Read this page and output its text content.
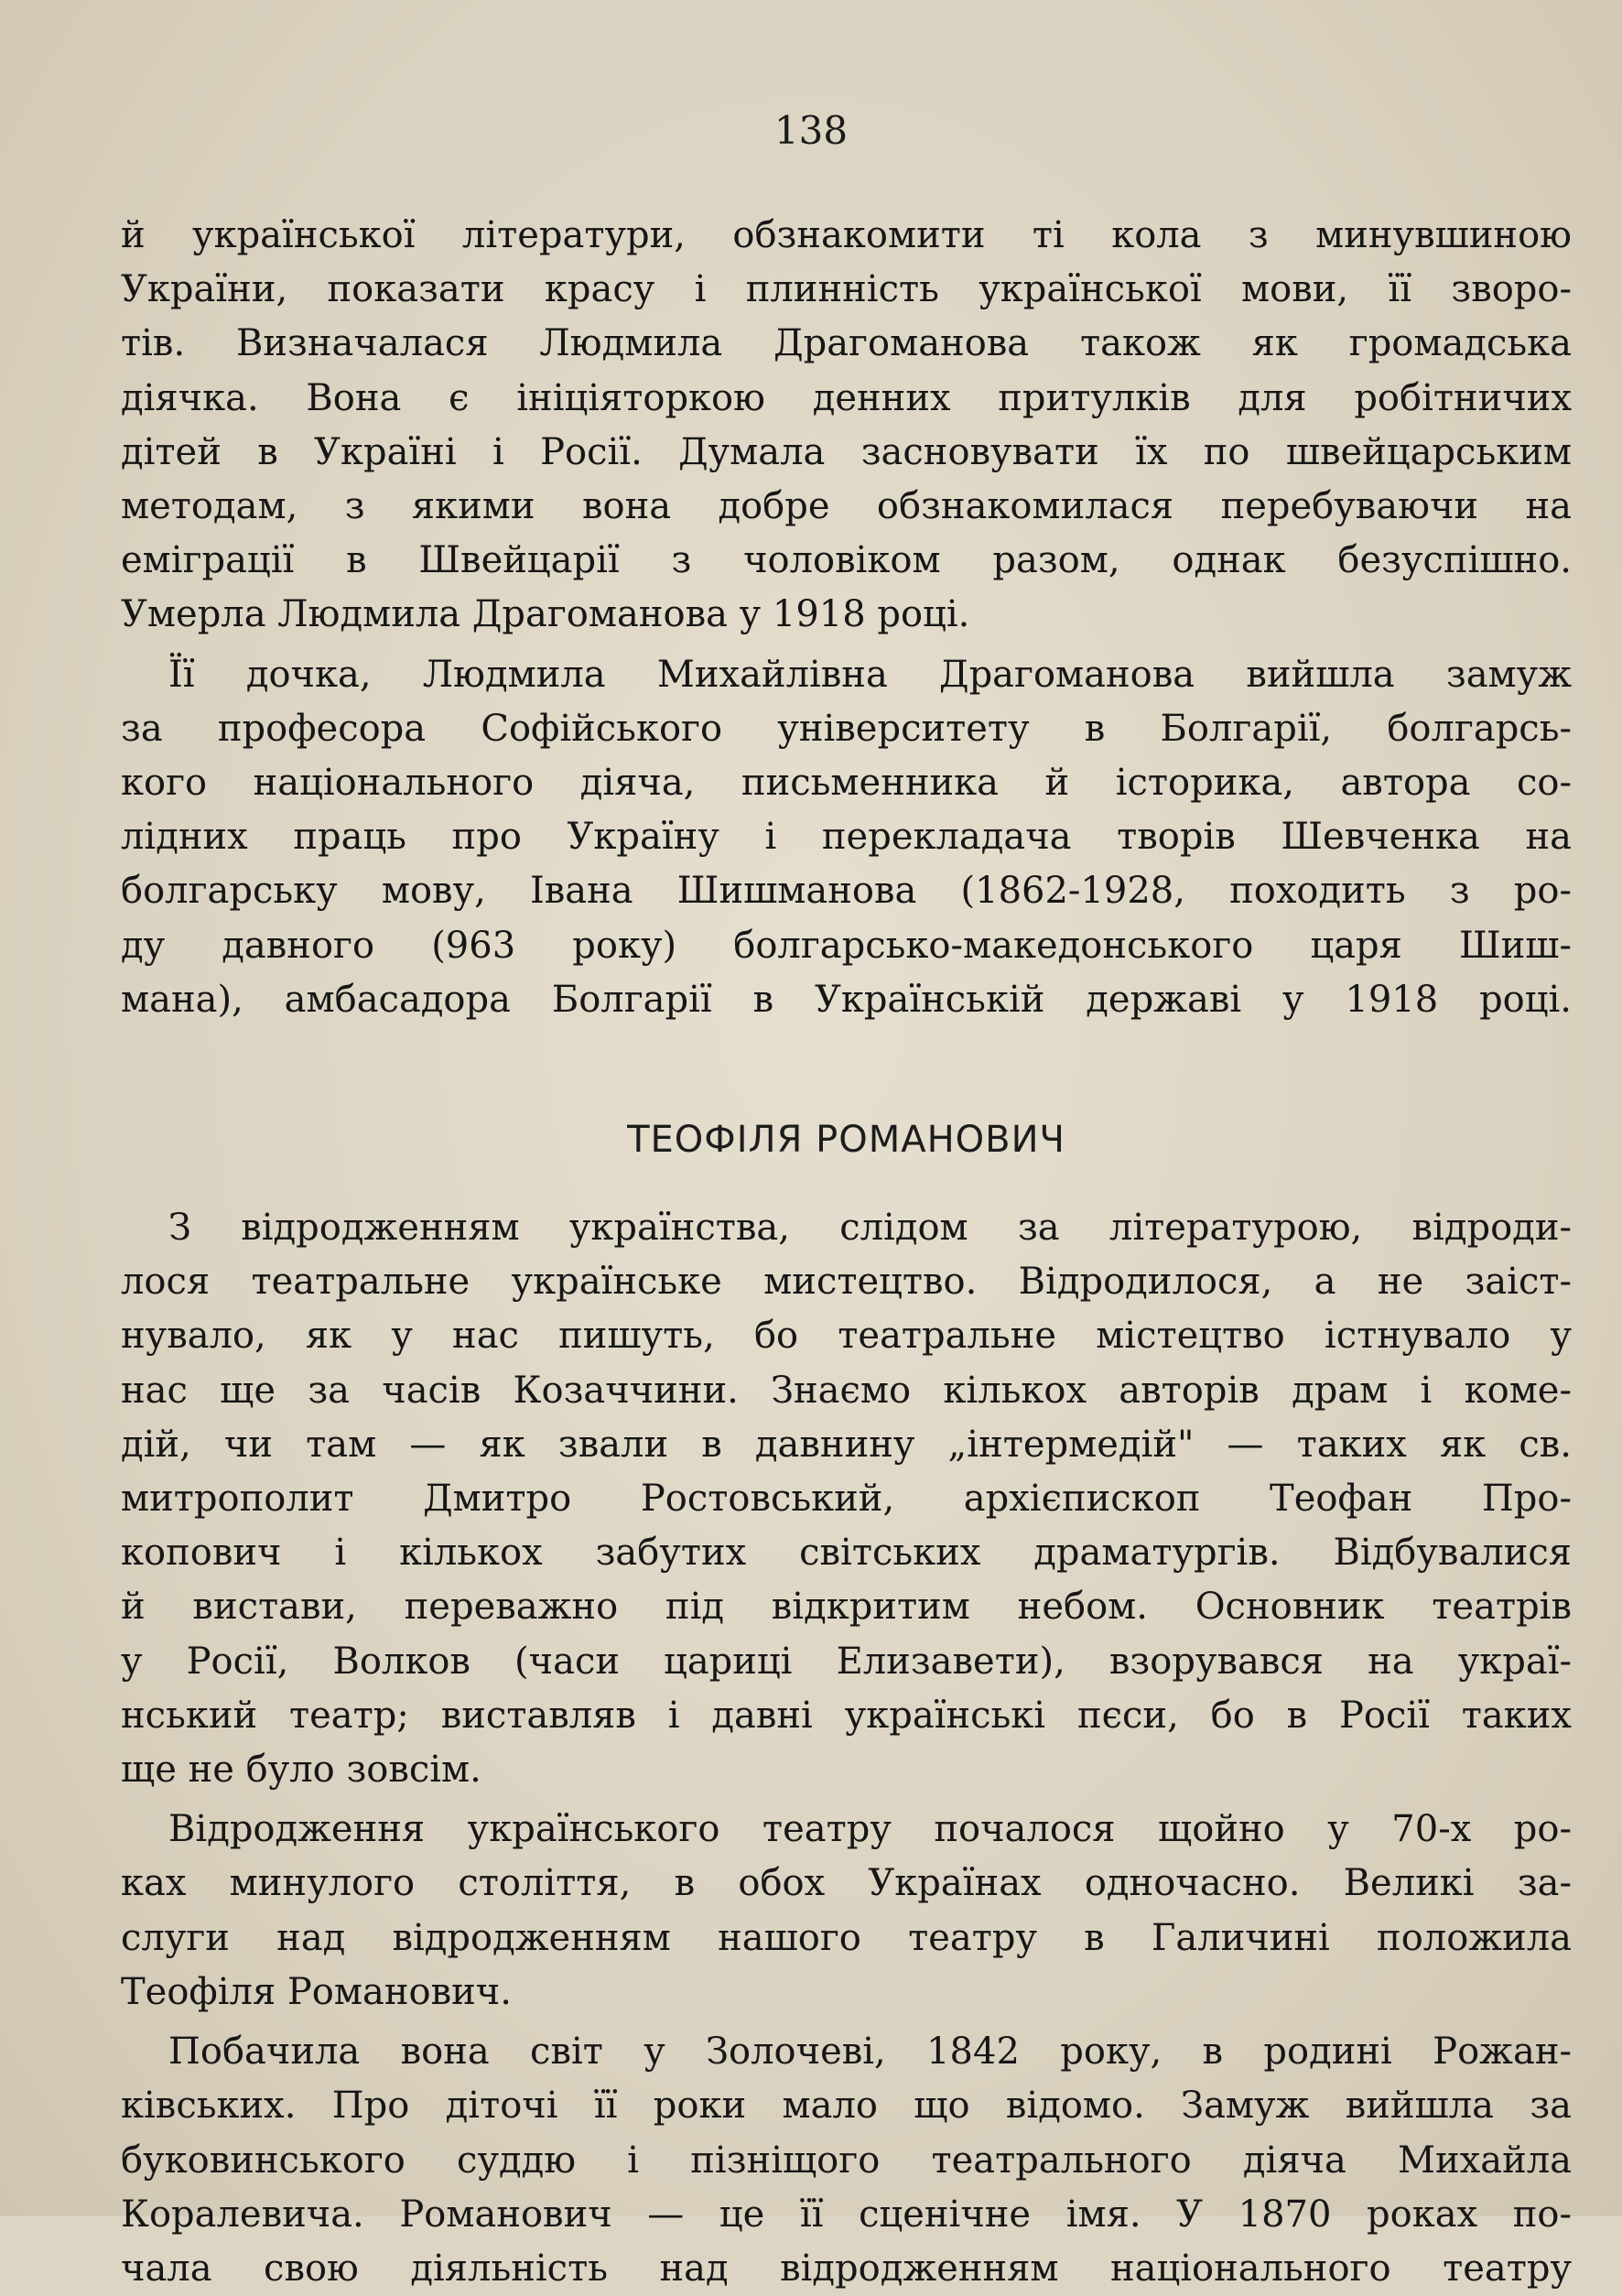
138

й української літератури, обзнакомити ті кола з минувшиною

України, показати красу і плинність української мови, її зворо-

тів. Визначалася Людмила Драгоманова також як громадська

діячка. Вона є ініціяторкою денних притулків для робітничих

дітей в Україні і Росії. Думала засновувати їх по швейцарським

методам, з якими вона добре обзнакомилася перебуваючи на

еміграції в Швейцарії з чоловіком разом, однак безуспішно.

Умерла Людмила Драгоманова у 1918 році.

Її дочка, Людмила Михайлівна Драгоманова вийшла замуж

за професора Софійського університету в Болгарії, болгарсь-

кого національного діяча, письменника й історика, автора со-

лідних праць про Україну і перекладача творів Шевченка на

болгарську мову, Івана Шишманова (1862-1928, походить з ро-

ду давного (963 року) болгарсько-македонського царя Шиш-

мана), амбасадора Болгарії в Українській державі у 1918 році.

ТЕОФІЛЯ РОМАНОВИЧ

З відродженням українства, слідом за літературою, відроди-

лося театральне українське мистецтво. Відродилося, а не заіст-

нувало, як у нас пишуть, бо театральне містецтво істнувало у

нас ще за часів Козаччини. Знаємо кількох авторів драм і коме-

дій, чи там — як звали в давнину „інтермедій" — таких як св.

митрополит Дмитро Ростовський, архієпископ Теофан Про-

копович і кількох забутих світських драматургів. Відбувалися

й вистави, переважно під відкритим небом. Основник театрів

у Росії, Волков (часи цариці Елизавети), взорувався на украї-

нський театр; виставляв і давні українські пєси, бо в Росії таких

ще не було зовсім.

Відродження українського театру почалося щойно у 70-х ро-

ках минулого століття, в обох Українах одночасно. Великі за-

слуги над відродженням нашого театру в Галичині положила

Теофіля Романович.

Побачила вона світ у Золочеві, 1842 року, в родині Рожан-

ківських. Про діточі її роки мало що відомо. Замуж вийшла за

буковинського суддю і пізніщого театрального діяча Михайла

Коралевича. Романович — це її сценічне імя. У 1870 роках по-

чала свою діяльність над відродженням національного театру
